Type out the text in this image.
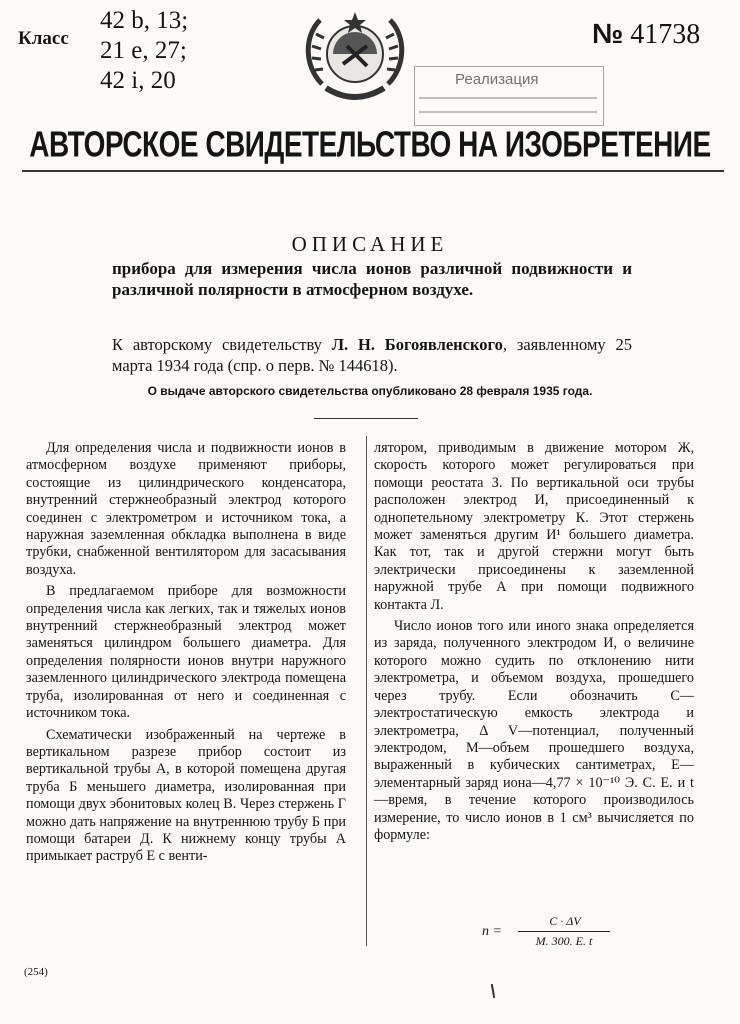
Класс
42 b, 13;
21 e, 27;
42 i, 20	Реализация
№ 41738
АВТОРСКОЕ СВИДЕТЕЛЬСТВО НА ИЗОБРЕТЕНИЕ
ОПИСАНИЕ
прибора для измерения числа ионов различной подвижности и различной полярности в атмосферном воздухе.
К авторскому свидетельству Л. Н. Богоявленского, заявленному 25 марта 1934 года (спр. о перв. № 144618).
О выдаче авторского свидетельства опубликовано 28 февраля 1935 года.

Для определения числа и подвижности ионов в атмосферном воздухе применяют приборы, состоящие из цилиндрического конденсатора, внутренний стержнеобразный электрод которого соединен с электрометром и источником тока, а наружная заземленная обкладка выполнена в виде трубки, снабженной вентилятором для засасывания воздуха.

В предлагаемом приборе для возможности определения числа как легких, так и тяжелых ионов внутренний стержнеобразный электрод может заменяться цилиндром большего диаметра. Для определения полярности ионов внутри наружного заземленного цилиндрического электрода помещена труба, изолированная от него и соединенная с источником тока.

Схематически изображенный на чертеже в вертикальном разрезе прибор состоит из вертикальной трубы А, в которой помещена другая труба Б меньшего диаметра, изолированная при помощи двух эбонитовых колец В. Через стержень Г можно дать напряжение на внутреннюю трубу Б при помощи батареи Д. К нижнему концу трубы А примыкает раструб Е с венти-

лятором, приводимым в движение мотором Ж, скорость которого может регулироваться при помощи реостата З. По вертикальной оси трубы расположен электрод И, присоединенный к однопетельному электрометру К. Этот стержень может заменяться другим И¹ большего диаметра. Как тот, так и другой стержни могут быть электрически присоединены к заземленной наружной трубе А при помощи подвижного контакта Л.

Число ионов того или иного знака определяется из заряда, полученного электродом И, о величине которого можно судить по отклонению нити электрометра, и объемом воздуха, прошедшего через трубу. Если обозначить C—электростатическую емкость электрода и электрометра, Δ V—потенциал, полученный электродом, M—объем прошедшего воздуха, выраженный в кубических сантиметрах, E—элементарный заряд иона—4,77 × 10⁻¹⁰ Э. С. Е. и t—время, в течение которого производилось измерение, то число ионов в 1 см³ вычисляется по формуле:

n =
C · ΔV
M. 300. E. t
(254)
